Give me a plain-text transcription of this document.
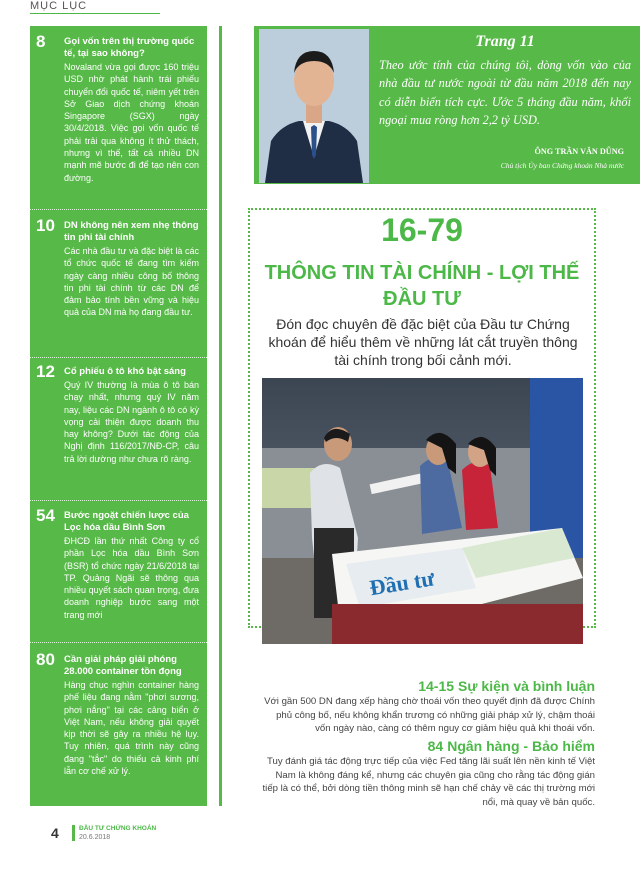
MỤC LỤC
8 Gọi vốn trên thị trường quốc tế, tại sao không?
Novaland vừa gọi được 160 triệu USD nhờ phát hành trái phiếu chuyển đổi quốc tế, niêm yết trên Sở Giao dịch chứng khoán Singapore (SGX) ngày 30/4/2018. Việc gọi vốn quốc tế phải trải qua không ít thử thách, nhưng vì thế, tất cả nhiều DN mạnh mẽ bước đi để tạo nên con đường.
10 DN không nên xem nhẹ thông tin phi tài chính
Các nhà đầu tư và đặc biệt là các tổ chức quốc tế đang tìm kiếm ngày càng nhiều công bố thông tin phi tài chính từ các DN để đảm bảo tính bền vững và hiệu quả của DN mà họ đang đầu tư.
12 Cổ phiếu ô tô khó bật sáng
Quý IV thường là mùa ô tô bán chạy nhất, nhưng quý IV năm nay, liệu các DN ngành ô tô có kỳ vọng cải thiện được doanh thu hay không? Dưới tác động của Nghị định 116/2017/NĐ-CP, câu trả lời dường như chưa rõ ràng.
54 Bước ngoặt chiến lược của Lọc hóa dầu Bình Sơn
ĐHCĐ lần thứ nhất Công ty cổ phần Lọc hóa dầu Bình Sơn (BSR) tổ chức ngày 21/6/2018 tại TP. Quảng Ngãi sẽ thông qua nhiều quyết sách quan trọng, đưa doanh nghiệp bước sang một trang mới
80 Cần giải pháp giải phóng 28.000 container tồn đọng
Hàng chục nghìn container hàng phế liệu đang nằm "phơi sương, phơi nắng" tại các cảng biển ở Việt Nam, nếu không giải quyết kịp thời sẽ gây ra nhiều hệ lụy. Tuy nhiên, quá trình này cũng đang "tắc" do thiếu cả kinh phí lẫn cơ chế xử lý.
Trang 11
Theo ước tính của chúng tôi, dòng vốn vào của nhà đầu tư nước ngoài từ đầu năm 2018 đến nay có diễn biến tích cực. Ước 5 tháng đầu năm, khối ngoại mua ròng hơn 2,2 tỷ USD.
ÔNG TRẦN VĂN DŨNG
Chủ tịch Ủy ban Chứng khoán Nhà nước
16-79
THÔNG TIN TÀI CHÍNH - LỢI THẾ ĐẦU TƯ
Đón đọc chuyên đề đặc biệt của Đầu tư Chứng khoán để hiểu thêm về những lát cắt truyền thông tài chính trong bối cảnh mới.
Đầu tư
14-15 Sự kiện và bình luận
Với gần 500 DN đang xếp hàng chờ thoái vốn theo quyết định đã được Chính phủ công bố, nếu không khẩn trương có những giải pháp xử lý, chậm thoái vốn ngày nào, càng có thêm nguy cơ giảm hiệu quả khi thoái vốn.
84 Ngân hàng - Bảo hiểm
Tuy đánh giá tác động trực tiếp của việc Fed tăng lãi suất lên nền kinh tế Việt Nam là không đáng kể, nhưng các chuyên gia cũng cho rằng tác động gián tiếp là có thể, bởi dòng tiền thông minh sẽ hạn chế chảy về các thị trường mới nổi, mà quay về bản quốc.
4	ĐẦU TƯ CHỨNG KHOÁN
20.6.2018
